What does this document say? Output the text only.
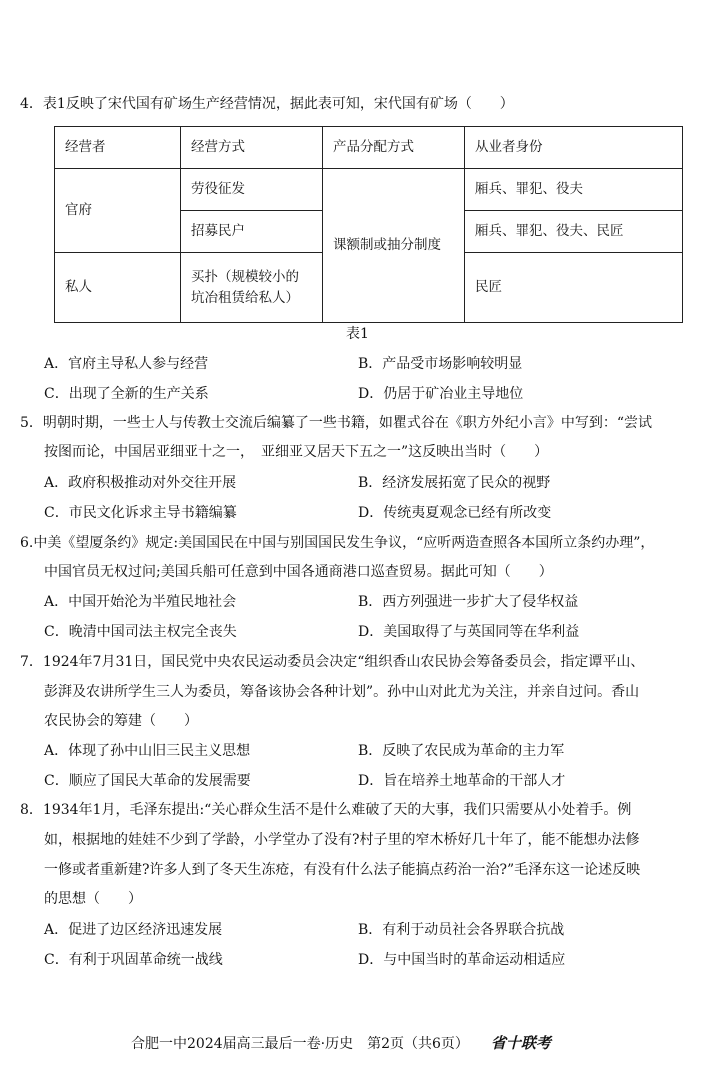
4．表1反映了宋代国有矿场生产经营情况，据此表可知，宋代国有矿场（　　）
经营者	经营方式	产品分配方式	从业者身份
官府	劳役征发	课额制或抽分制度	厢兵、罪犯、役夫
	招募民户		厢兵、罪犯、役夫、民匠
私人	买扑（规模较小的
坑冶租赁给私人）		民匠
表1
A．官府主导私人参与经营	B．产品受市场影响较明显
C．出现了全新的生产关系	D．仍居于矿冶业主导地位
5．明朝时期，一些士人与传教士交流后编纂了一些书籍，如瞿式谷在《职方外纪小言》中写到：“尝试
按图而论，中国居亚细亚十之一，　亚细亚又居天下五之一”这反映出当时（　　）
A．政府积极推动对外交往开展	B．经济发展拓宽了民众的视野
C．市民文化诉求主导书籍编纂	D．传统夷夏观念已经有所改变
6.中美《望厦条约》规定:美国国民在中国与别国国民发生争议，“应听两造查照各本国所立条约办理”，
中国官员无权过问;美国兵船可任意到中国各通商港口巡查贸易。据此可知（　　）
A．中国开始沦为半殖民地社会	B．西方列强进一步扩大了侵华权益
C．晚清中国司法主权完全丧失	D．美国取得了与英国同等在华利益
7．1924年7月31日，国民党中央农民运动委员会决定“组织香山农民协会筹备委员会，指定谭平山、
彭湃及农讲所学生三人为委员，筹备该协会各种计划”。孙中山对此尤为关注，并亲自过问。香山
农民协会的筹建（　　）
A．体现了孙中山旧三民主义思想	B．反映了农民成为革命的主力军
C．顺应了国民大革命的发展需要	D．旨在培养土地革命的干部人才
8．1934年1月，毛泽东提出:“关心群众生活不是什么难破了天的大事，我们只需要从小处着手。例
如，根据地的娃娃不少到了学龄，小学堂办了没有?村子里的窄木桥好几十年了，能不能想办法修
一修或者重新建?许多人到了冬天生冻疮，有没有什么法子能搞点药治一治?”毛泽东这一论述反映
的思想（　　）
A．促进了边区经济迅速发展	B．有利于动员社会各界联合抗战
C．有利于巩固革命统一战线	D．与中国当时的革命运动相适应
合肥一中2024届高三最后一卷·历史　第2页（共6页） 省十联考
